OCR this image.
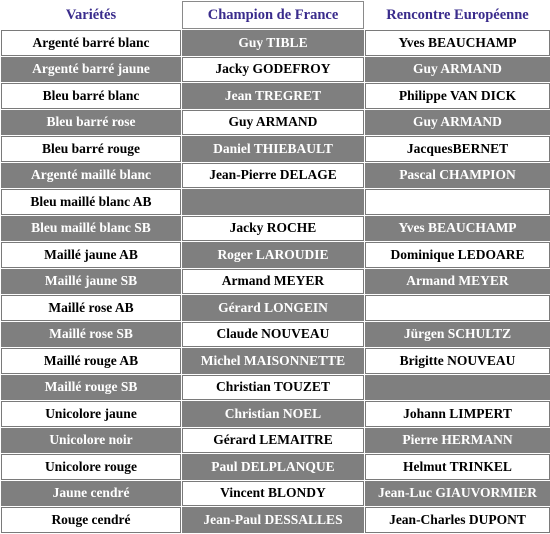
Variétés	Champion de France	Rencontre Européenne
Argenté barré blanc	Guy TIBLE	Yves BEAUCHAMP
Argenté barré jaune	Jacky GODEFROY	Guy ARMAND
Bleu barré blanc	Jean TREGRET	Philippe VAN DICK
Bleu barré rose	Guy ARMAND	Guy ARMAND
Bleu barré rouge	Daniel THIEBAULT	JacquesBERNET
Argenté maillé blanc	Jean-Pierre DELAGE	Pascal CHAMPION
Bleu maillé blanc AB		
Bleu maillé blanc SB	Jacky ROCHE	Yves BEAUCHAMP
Maillé jaune AB	Roger LAROUDIE	Dominique LEDOARE
Maillé jaune SB	Armand MEYER	Armand MEYER
Maillé rose AB	Gérard LONGEIN	
Maillé rose SB	Claude NOUVEAU	Jürgen SCHULTZ
Maillé rouge AB	Michel MAISONNETTE	Brigitte NOUVEAU
Maillé rouge SB	Christian TOUZET	
Unicolore jaune	Christian NOEL	Johann LIMPERT
Unicolore noir	Gérard LEMAITRE	Pierre HERMANN
Unicolore rouge	Paul DELPLANQUE	Helmut TRINKEL
Jaune cendré	Vincent BLONDY	Jean-Luc GIAUVORMIER
Rouge cendré	Jean-Paul DESSALLES	Jean-Charles DUPONT
